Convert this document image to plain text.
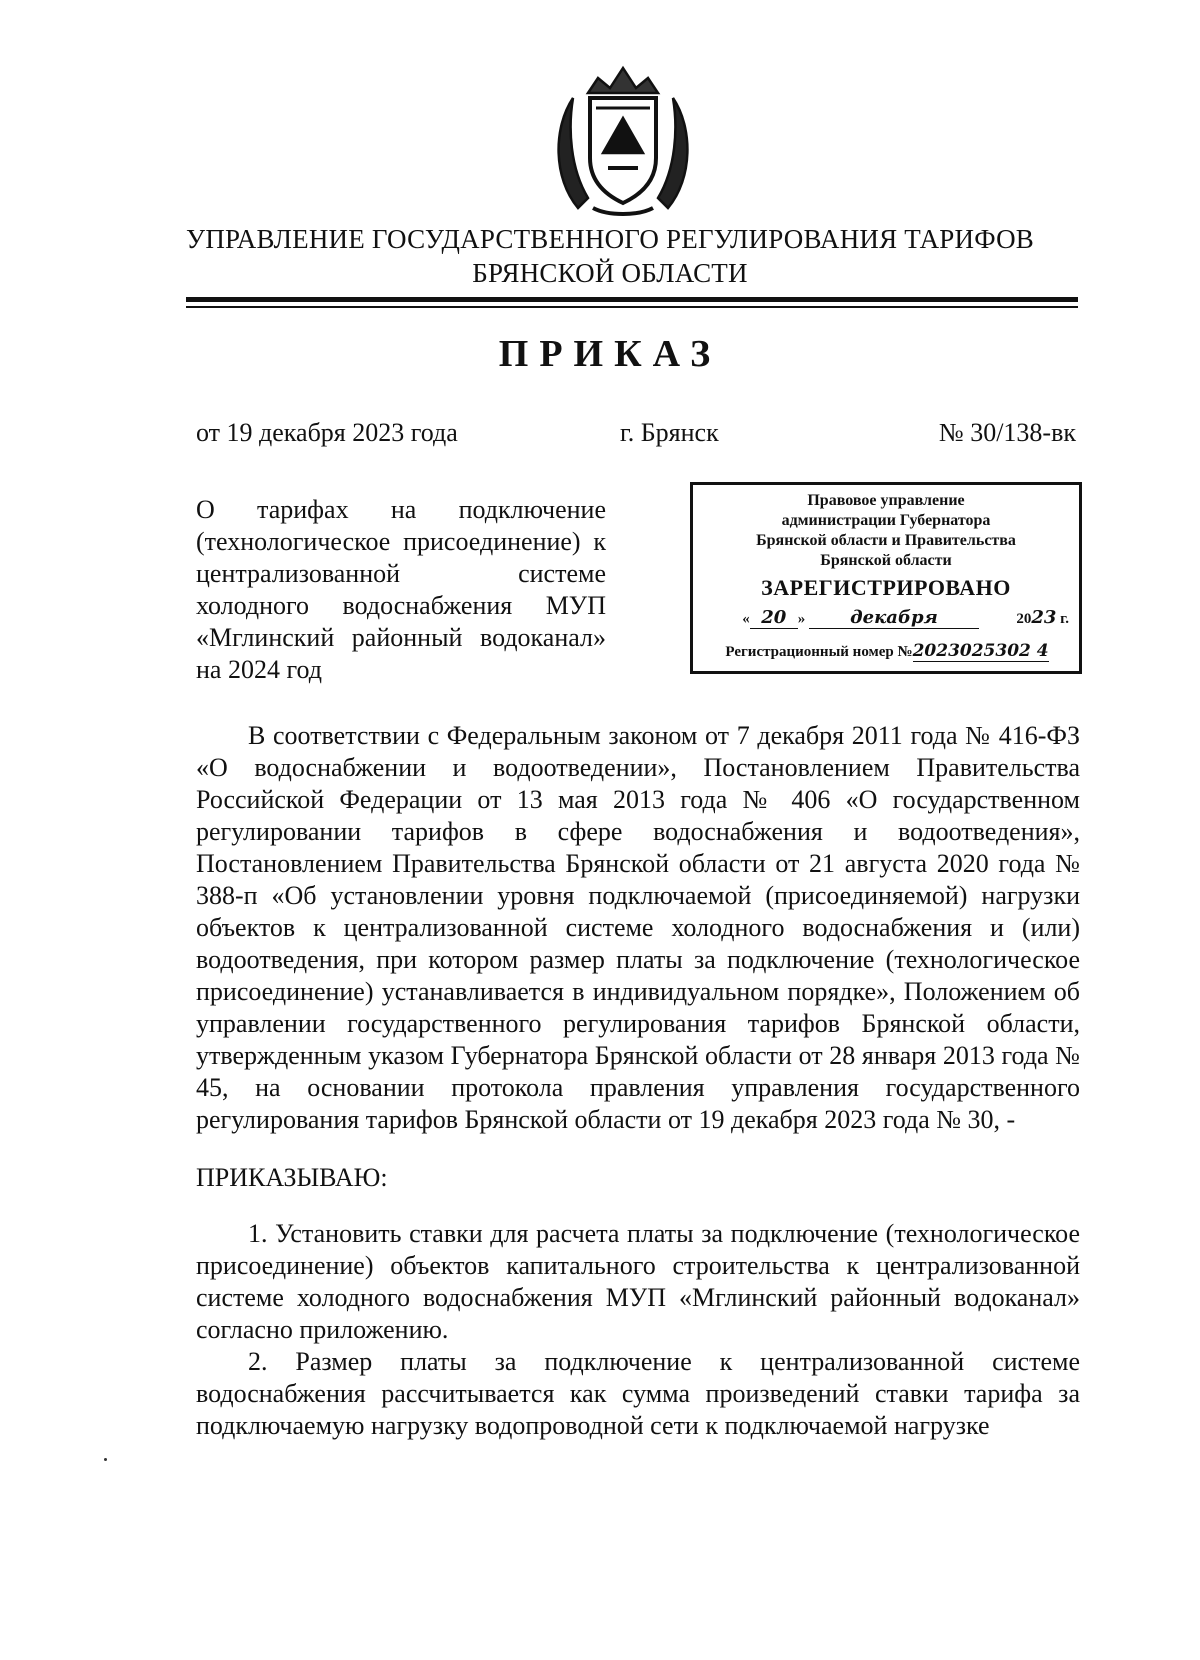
УПРАВЛЕНИЕ ГОСУДАРСТВЕННОГО РЕГУЛИРОВАНИЯ ТАРИФОВ
БРЯНСКОЙ ОБЛАСТИ
ПРИКАЗ
от 19 декабря 2023 года	г. Брянск	№ 30/138-вк
О тарифах на подключение (технологическое присоединение) к централизованной системе холодного водоснабжения МУП «Мглинский районный водоканал» на 2024 год
Правовое управление
администрации Губернатора
Брянской области и Правительства
Брянской области
ЗАРЕГИСТРИРОВАНО
« 20 » декабря	2023 г.
Регистрационный номер №2023025302 4
В соответствии с Федеральным законом от 7 декабря 2011 года № 416-ФЗ «О водоснабжении и водоотведении», Постановлением Правительства Российской Федерации от 13 мая 2013 года № 406 «О государственном регулировании тарифов в сфере водоснабжения и водоотведения», Постановлением Правительства Брянской области от 21 августа 2020 года № 388-п «Об установлении уровня подключаемой (присоединяемой) нагрузки объектов к централизованной системе холодного водоснабжения и (или) водоотведения, при котором размер платы за подключение (технологическое присоединение) устанавливается в индивидуальном порядке», Положением об управлении государственного регулирования тарифов Брянской области, утвержденным указом Губернатора Брянской области от 28 января 2013 года № 45, на основании протокола правления управления государственного регулирования тарифов Брянской области от 19 декабря 2023 года № 30, -
ПРИКАЗЫВАЮ:
1. Установить ставки для расчета платы за подключение (технологическое присоединение) объектов капитального строительства к централизованной системе холодного водоснабжения МУП «Мглинский районный водоканал» согласно приложению.
2. Размер платы за подключение к централизованной системе водоснабжения рассчитывается как сумма произведений ставки тарифа за подключаемую нагрузку водопроводной сети к подключаемой нагрузке
